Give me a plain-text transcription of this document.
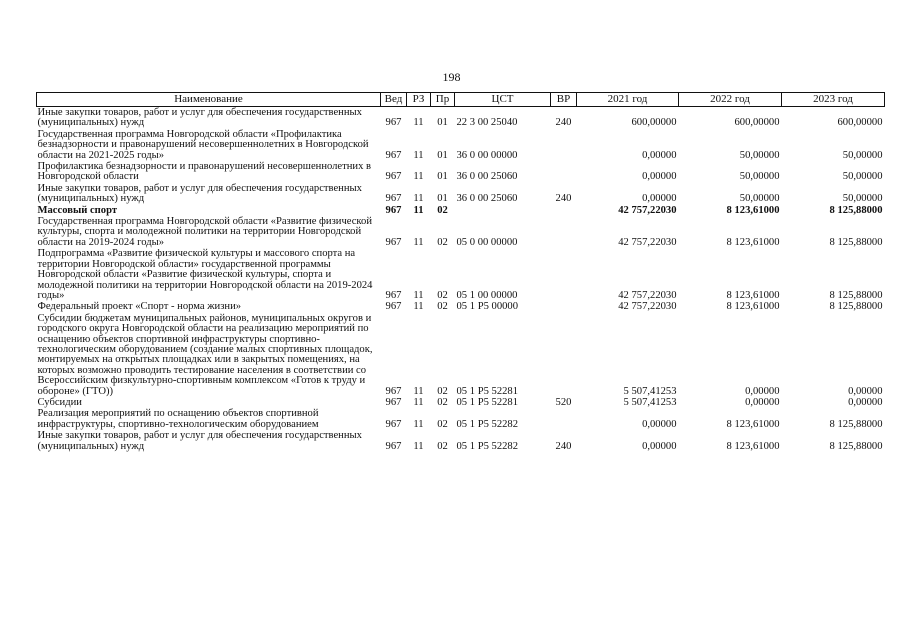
198
Наименование	Вед	РЗ	Пр	ЦСТ	ВР	2021 год	2022 год	2023 год
Иные закупки товаров, работ и услуг для обеспечения государственных (муниципальных) нужд	967	11	01	22 3 00 25040	240	600,00000	600,00000	600,00000
Государственная программа Новгородской области «Профилактика безнадзорности и правонарушений несовершеннолетних в Новгородской области на 2021-2025 годы»	967	11	01	36 0 00 00000		0,00000	50,00000	50,00000
Профилактика безнадзорности и правонарушений несовершеннолетних в Новгородской области	967	11	01	36 0 00 25060		0,00000	50,00000	50,00000
Иные закупки товаров, работ и услуг для обеспечения государственных (муниципальных) нужд	967	11	01	36 0 00 25060	240	0,00000	50,00000	50,00000
Массовый спорт	967	11	02			42 757,22030	8 123,61000	8 125,88000
Государственная программа Новгородской области «Развитие физической культуры, спорта и молодежной политики на территории Новгородской области на 2019-2024 годы»	967	11	02	05 0 00 00000		42 757,22030	8 123,61000	8 125,88000
Подпрограмма «Развитие физической культуры и массового спорта на территории Новгородской области» государственной программы Новгородской области «Развитие физической культуры, спорта и молодежной политики на территории Новгородской области на 2019-2024 годы»	967	11	02	05 1 00 00000		42 757,22030	8 123,61000	8 125,88000
Федеральный проект «Спорт - норма жизни»	967	11	02	05 1 P5 00000		42 757,22030	8 123,61000	8 125,88000
Субсидии бюджетам муниципальных районов, муниципальных округов и городского округа Новгородской области на реализацию мероприятий по оснащению объектов спортивной инфраструктуры спортивно-технологическим оборудованием (создание малых спортивных площадок, монтируемых на открытых площадках или в закрытых помещениях, на которых возможно проводить тестирование населения в соответствии со Всероссийским физкультурно-спортивным комплексом «Готов к труду и обороне» (ГТО))	967	11	02	05 1 P5 52281		5 507,41253	0,00000	0,00000
Субсидии	967	11	02	05 1 P5 52281	520	5 507,41253	0,00000	0,00000
Реализация мероприятий по оснащению объектов спортивной инфраструктуры, спортивно-технологическим оборудованием	967	11	02	05 1 P5 52282		0,00000	8 123,61000	8 125,88000
Иные закупки товаров, работ и услуг для обеспечения государственных (муниципальных) нужд	967	11	02	05 1 P5 52282	240	0,00000	8 123,61000	8 125,88000
